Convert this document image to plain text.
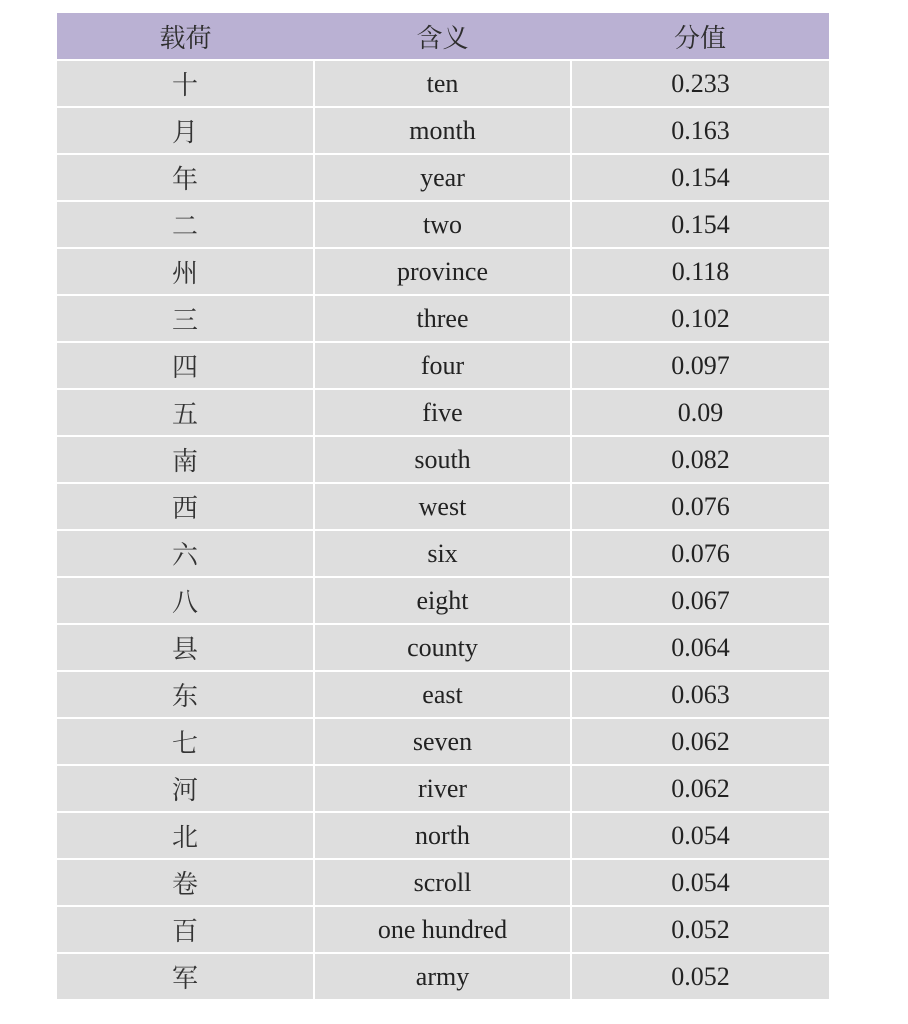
载荷	含义	分值
十	ten	0.233
月	month	0.163
年	year	0.154
二	two	0.154
州	province	0.118
三	three	0.102
四	four	0.097
五	five	0.09
南	south	0.082
西	west	0.076
六	six	0.076
八	eight	0.067
县	county	0.064
东	east	0.063
七	seven	0.062
河	river	0.062
北	north	0.054
卷	scroll	0.054
百	one hundred	0.052
军	army	0.052
